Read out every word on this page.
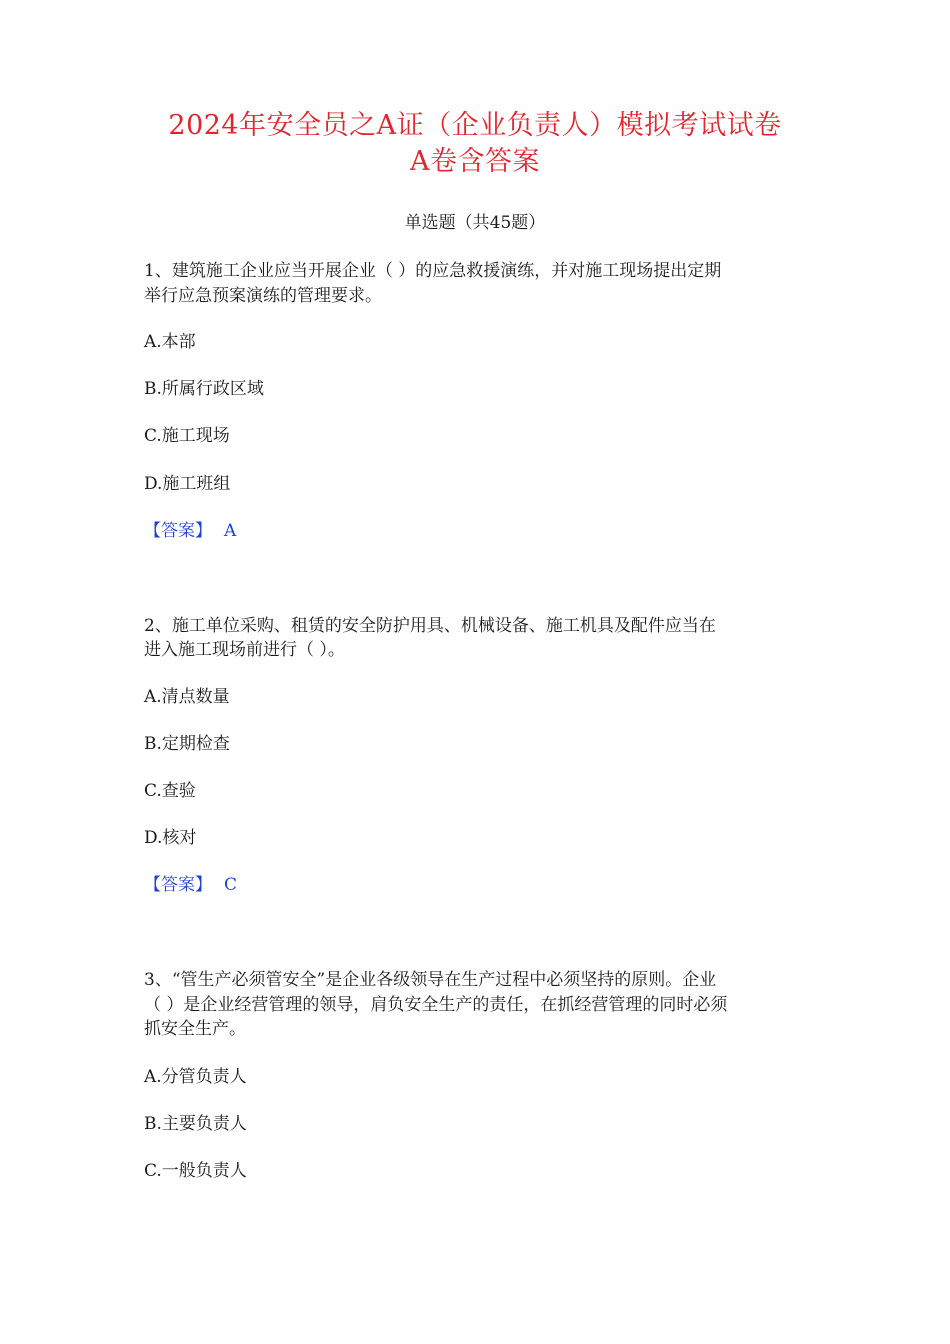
2024年安全员之A证（企业负责人）模拟考试试卷
A卷含答案
单选题（共45题）
1、建筑施工企业应当开展企业（ ）的应急救援演练，并对施工现场提出定期
举行应急预案演练的管理要求。
A.本部
B.所属行政区域
C.施工现场
D.施工班组
【答案】 A
2、施工单位采购、租赁的安全防护用具、机械设备、施工机具及配件应当在
进入施工现场前进行（ ）。
A.清点数量
B.定期检查
C.查验
D.核对
【答案】 C
3、“管生产必须管安全”是企业各级领导在生产过程中必须坚持的原则。企业
（ ）是企业经营管理的领导，肩负安全生产的责任，在抓经营管理的同时必须
抓安全生产。
A.分管负责人
B.主要负责人
C.一般负责人
